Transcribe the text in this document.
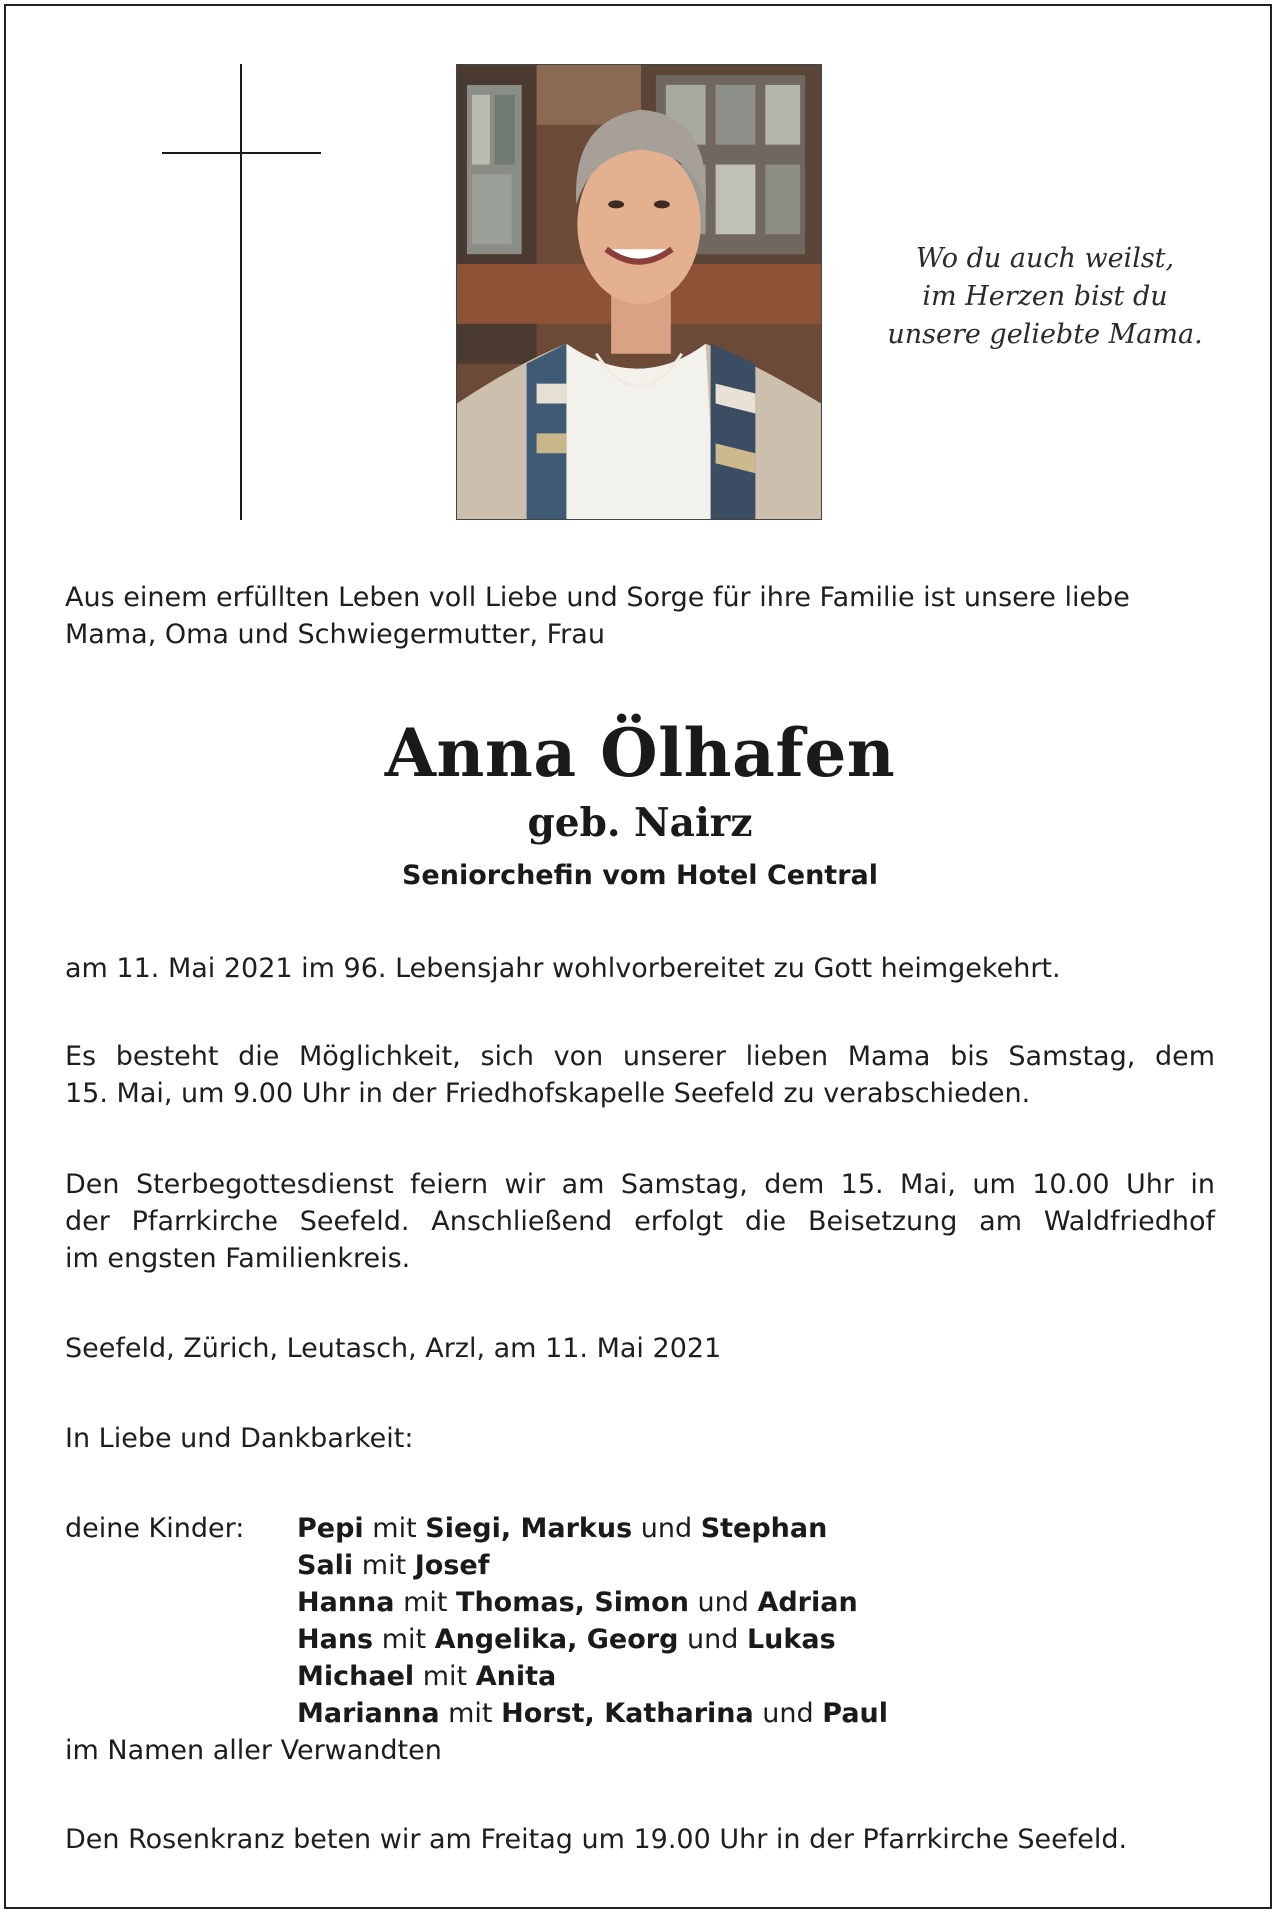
Wo du auch weilst,
im Herzen bist du
unsere geliebte Mama.
Aus einem erfüllten Leben voll Liebe und Sorge für ihre Familie ist unsere liebe
Mama, Oma und Schwiegermutter, Frau
Anna Ölhafen
geb. Nairz
Seniorchefin vom Hotel Central
am 11. Mai 2021 im 96. Lebensjahr wohlvorbereitet zu Gott heimgekehrt.
Es besteht die Möglichkeit, sich von unserer lieben Mama bis Samstag, dem
15. Mai, um 9.00 Uhr in der Friedhofskapelle Seefeld zu verabschieden.
Den Sterbegottesdienst feiern wir am Samstag, dem 15. Mai, um 10.00 Uhr in
der Pfarrkirche Seefeld. Anschließend erfolgt die Beisetzung am Waldfriedhof
im engsten Familienkreis.
Seefeld, Zürich, Leutasch, Arzl, am 11. Mai 2021
In Liebe und Dankbarkeit:
deine Kinder: Pepi mit Siegi, Markus und Stephan
Sali mit Josef
Hanna mit Thomas, Simon und Adrian
Hans mit Angelika, Georg und Lukas
Michael mit Anita
Marianna mit Horst, Katharina und Paul
im Namen aller Verwandten
Den Rosenkranz beten wir am Freitag um 19.00 Uhr in der Pfarrkirche Seefeld.
